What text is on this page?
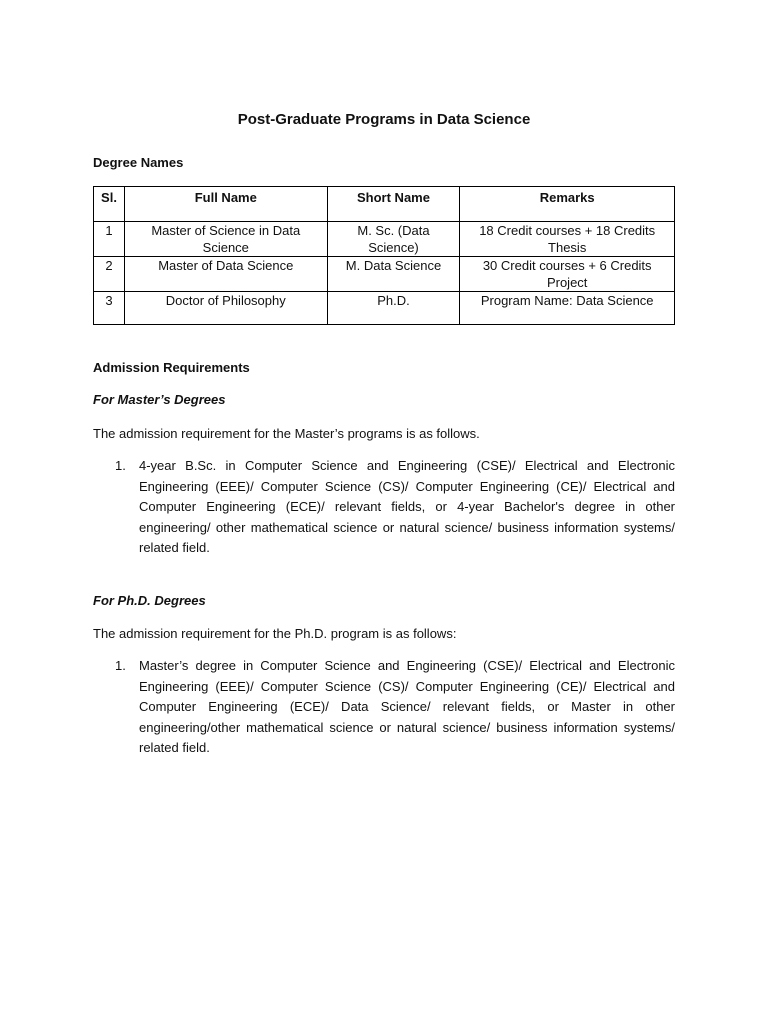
Post-Graduate Programs in Data Science
Degree Names
Sl.	Full Name	Short Name	Remarks
1	Master of Science in Data Science	M. Sc. (Data Science)	18 Credit courses + 18 Credits Thesis
2	Master of Data Science	M. Data Science	30 Credit courses + 6 Credits Project
3	Doctor of Philosophy	Ph.D.	Program Name: Data Science
Admission Requirements
For Master’s Degrees
The admission requirement for the Master’s programs is as follows.
1. 4-year B.Sc. in Computer Science and Engineering (CSE)/ Electrical and Electronic Engineering (EEE)/ Computer Science (CS)/ Computer Engineering (CE)/ Electrical and Computer Engineering (ECE)/ relevant fields, or 4-year Bachelor's degree in other engineering/ other mathematical science or natural science/ business information systems/ related field.
For Ph.D. Degrees
The admission requirement for the Ph.D. program is as follows:
1. Master’s degree in Computer Science and Engineering (CSE)/ Electrical and Electronic Engineering (EEE)/ Computer Science (CS)/ Computer Engineering (CE)/ Electrical and Computer Engineering (ECE)/ Data Science/ relevant fields, or Master in other engineering/other mathematical science or natural science/ business information systems/ related field.
